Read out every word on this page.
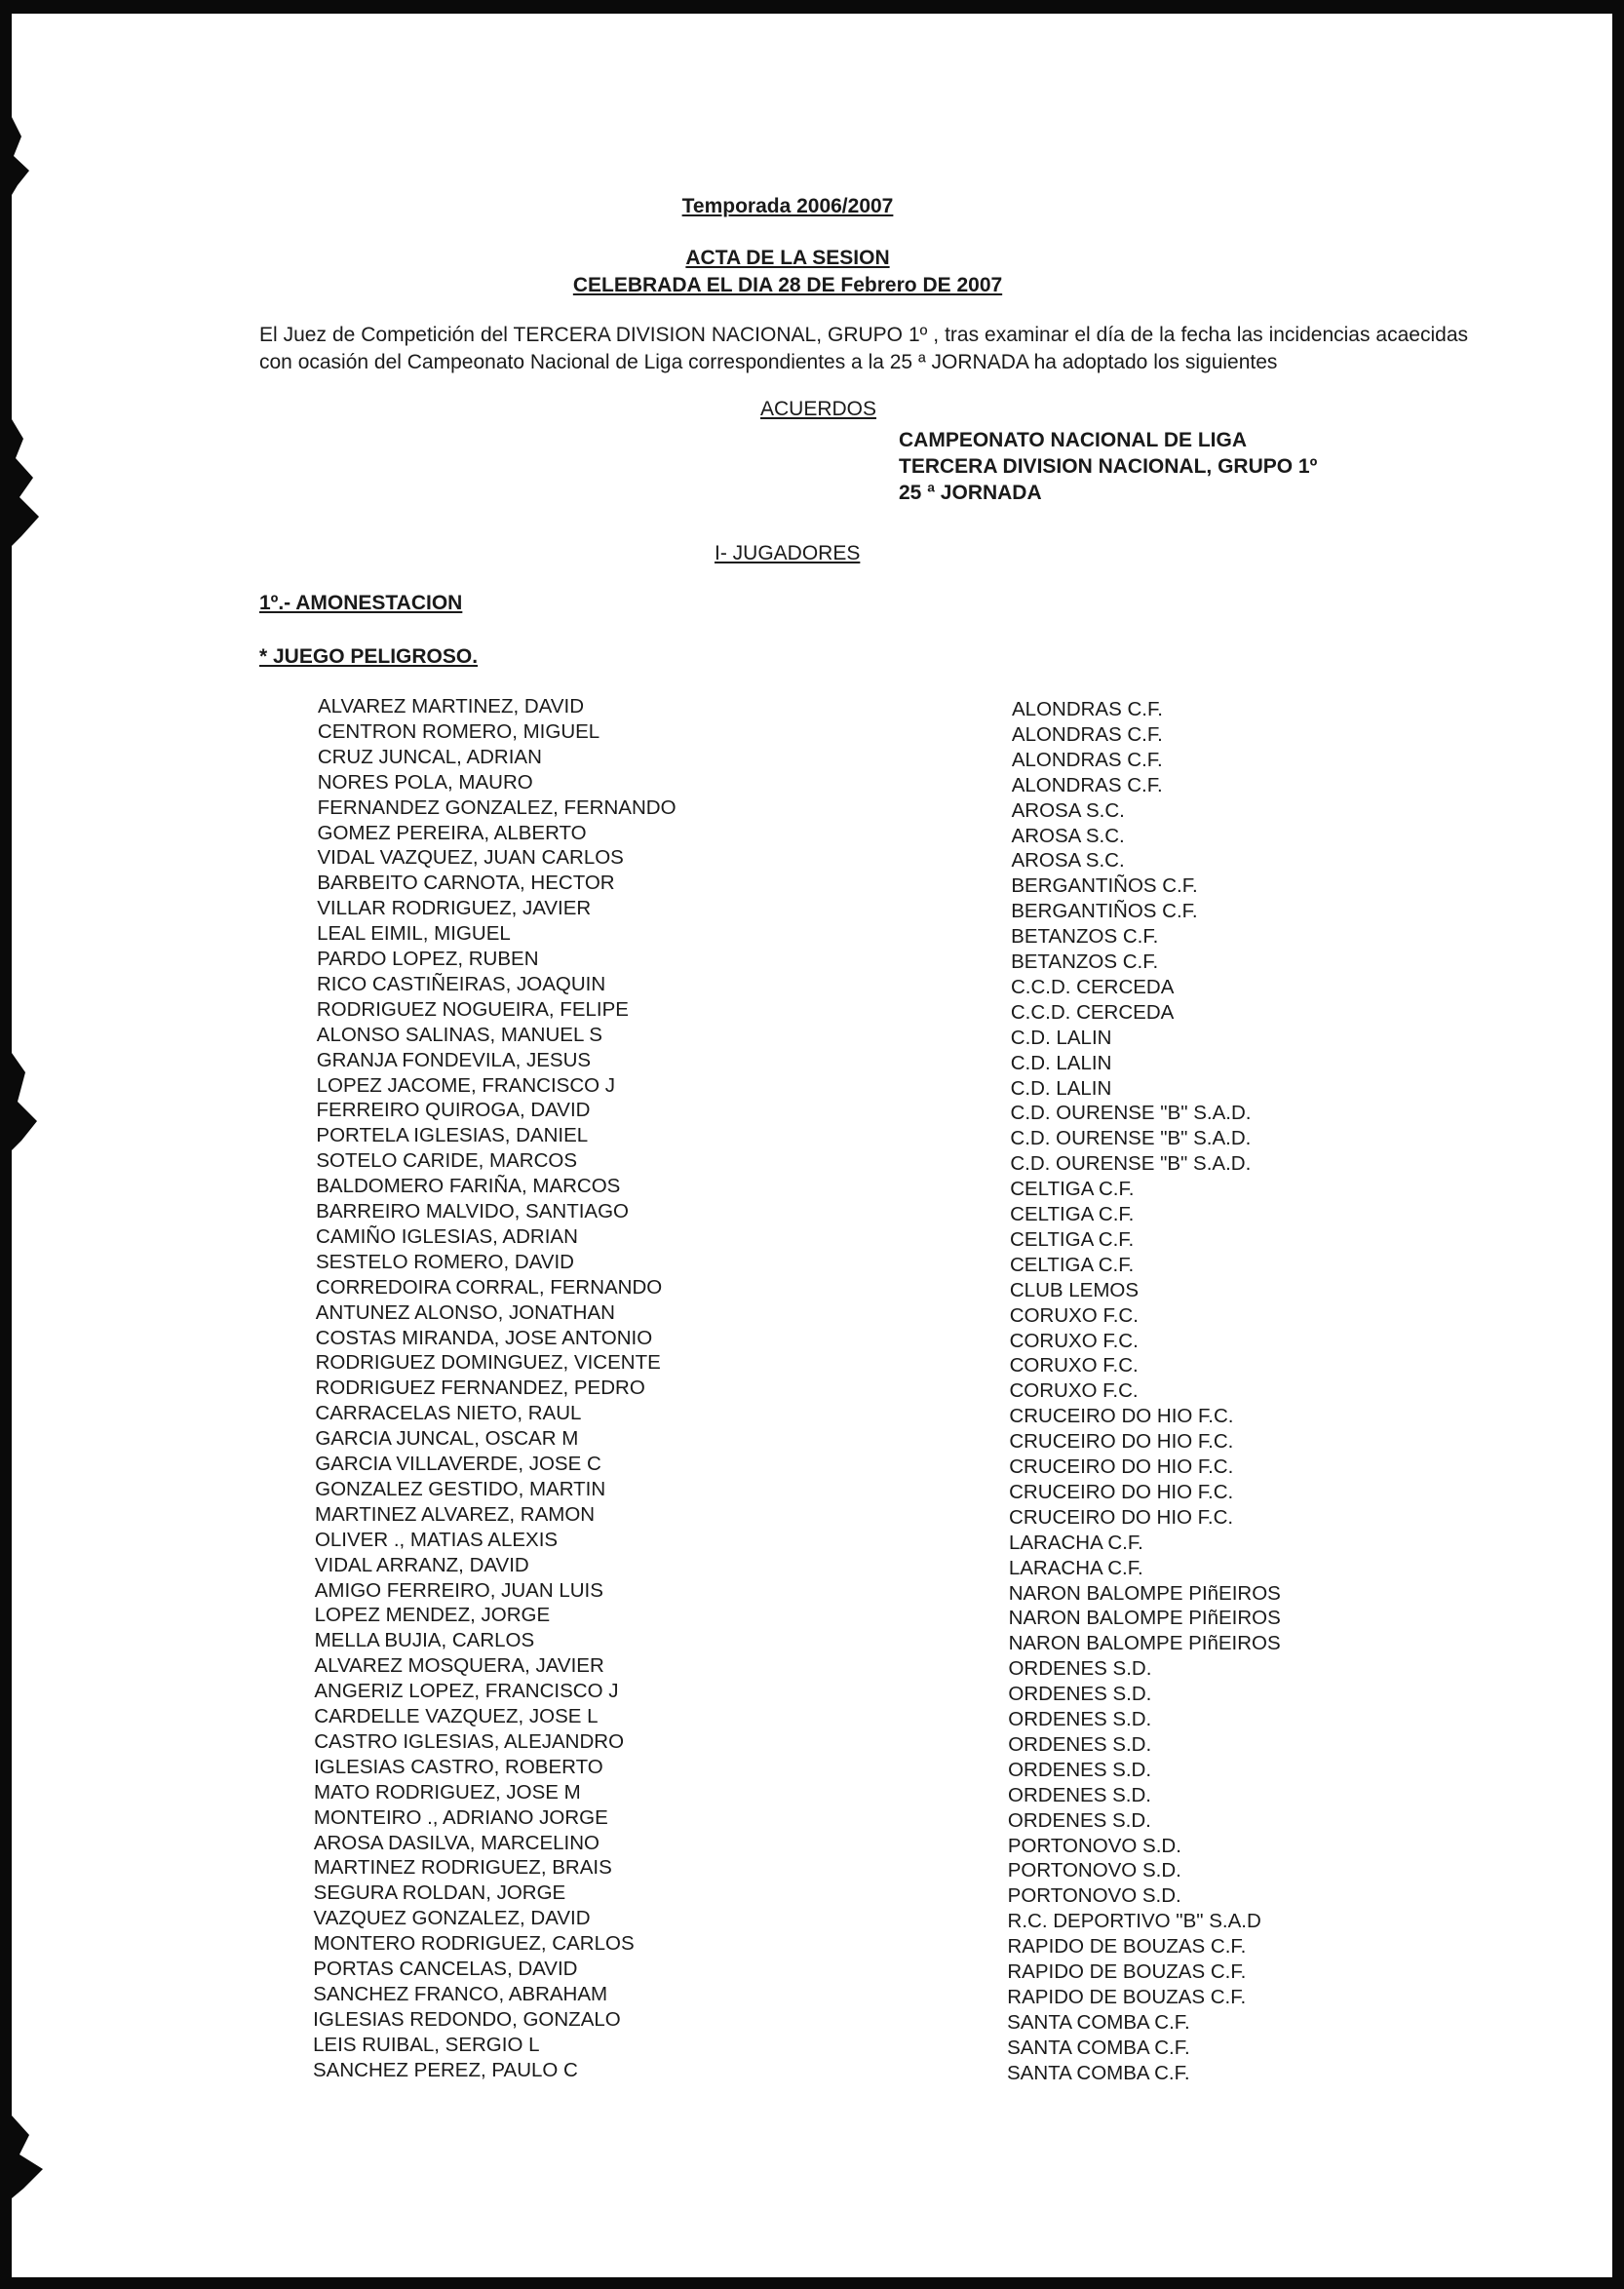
Temporada 2006/2007
ACTA DE LA SESION
CELEBRADA EL DIA 28 DE Febrero DE 2007
El Juez de Competición del TERCERA DIVISION NACIONAL, GRUPO 1º , tras examinar el día de la fecha las incidencias acaecidas con ocasión del Campeonato Nacional de Liga correspondientes a la 25 ª JORNADA ha adoptado los siguientes
ACUERDOS
CAMPEONATO NACIONAL DE LIGA
TERCERA DIVISION NACIONAL, GRUPO 1º
25 ª JORNADA
I- JUGADORES
1º.- AMONESTACION
* JUEGO PELIGROSO.
ALVAREZ MARTINEZ, DAVID	ALONDRAS C.F.
CENTRON ROMERO, MIGUEL	ALONDRAS C.F.
CRUZ JUNCAL, ADRIAN	ALONDRAS C.F.
NORES POLA, MAURO	ALONDRAS C.F.
FERNANDEZ GONZALEZ, FERNANDO	AROSA S.C.
GOMEZ PEREIRA, ALBERTO	AROSA S.C.
VIDAL VAZQUEZ, JUAN CARLOS	AROSA S.C.
BARBEITO CARNOTA, HECTOR	BERGANTIÑOS C.F.
VILLAR RODRIGUEZ, JAVIER	BERGANTIÑOS C.F.
LEAL EIMIL, MIGUEL	BETANZOS C.F.
PARDO LOPEZ, RUBEN	BETANZOS C.F.
RICO CASTIÑEIRAS, JOAQUIN	C.C.D. CERCEDA
RODRIGUEZ NOGUEIRA, FELIPE	C.C.D. CERCEDA
ALONSO SALINAS, MANUEL S	C.D. LALIN
GRANJA FONDEVILA, JESUS	C.D. LALIN
LOPEZ JACOME, FRANCISCO J	C.D. LALIN
FERREIRO QUIROGA, DAVID	C.D. OURENSE "B" S.A.D.
PORTELA IGLESIAS, DANIEL	C.D. OURENSE "B" S.A.D.
SOTELO CARIDE, MARCOS	C.D. OURENSE "B" S.A.D.
BALDOMERO FARIÑA, MARCOS	CELTIGA C.F.
BARREIRO MALVIDO, SANTIAGO	CELTIGA C.F.
CAMIÑO IGLESIAS, ADRIAN	CELTIGA C.F.
SESTELO ROMERO, DAVID	CELTIGA C.F.
CORREDOIRA CORRAL, FERNANDO	CLUB LEMOS
ANTUNEZ ALONSO, JONATHAN	CORUXO F.C.
COSTAS MIRANDA, JOSE ANTONIO	CORUXO F.C.
RODRIGUEZ DOMINGUEZ, VICENTE	CORUXO F.C.
RODRIGUEZ FERNANDEZ, PEDRO	CORUXO F.C.
CARRACELAS NIETO, RAUL	CRUCEIRO DO HIO F.C.
GARCIA JUNCAL, OSCAR M	CRUCEIRO DO HIO F.C.
GARCIA VILLAVERDE, JOSE C	CRUCEIRO DO HIO F.C.
GONZALEZ GESTIDO, MARTIN	CRUCEIRO DO HIO F.C.
MARTINEZ ALVAREZ, RAMON	CRUCEIRO DO HIO F.C.
OLIVER ., MATIAS ALEXIS	LARACHA C.F.
VIDAL ARRANZ, DAVID	LARACHA C.F.
AMIGO FERREIRO, JUAN LUIS	NARON BALOMPE PIñEIROS
LOPEZ MENDEZ, JORGE	NARON BALOMPE PIñEIROS
MELLA BUJIA, CARLOS	NARON BALOMPE PIñEIROS
ALVAREZ MOSQUERA, JAVIER	ORDENES S.D.
ANGERIZ LOPEZ, FRANCISCO J	ORDENES S.D.
CARDELLE VAZQUEZ, JOSE L	ORDENES S.D.
CASTRO IGLESIAS, ALEJANDRO	ORDENES S.D.
IGLESIAS CASTRO, ROBERTO	ORDENES S.D.
MATO RODRIGUEZ, JOSE M	ORDENES S.D.
MONTEIRO ., ADRIANO JORGE	ORDENES S.D.
AROSA DASILVA, MARCELINO	PORTONOVO S.D.
MARTINEZ RODRIGUEZ, BRAIS	PORTONOVO S.D.
SEGURA ROLDAN, JORGE	PORTONOVO S.D.
VAZQUEZ GONZALEZ, DAVID	R.C. DEPORTIVO "B" S.A.D
MONTERO RODRIGUEZ, CARLOS	RAPIDO DE BOUZAS C.F.
PORTAS CANCELAS, DAVID	RAPIDO DE BOUZAS C.F.
SANCHEZ FRANCO, ABRAHAM	RAPIDO DE BOUZAS C.F.
IGLESIAS REDONDO, GONZALO	SANTA COMBA C.F.
LEIS RUIBAL, SERGIO L	SANTA COMBA C.F.
SANCHEZ PEREZ, PAULO C	SANTA COMBA C.F.
